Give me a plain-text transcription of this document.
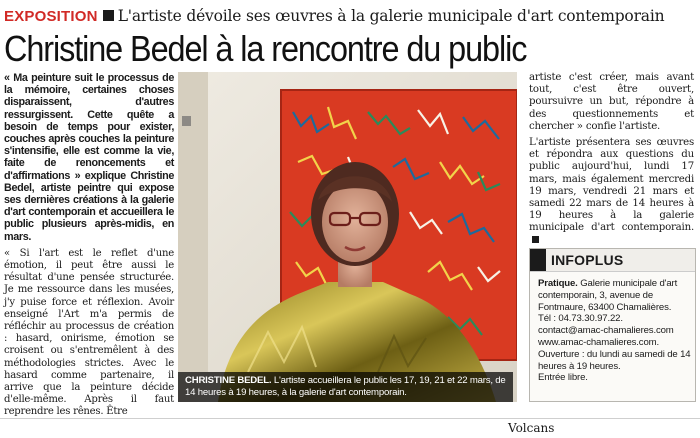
EXPOSITION L'artiste dévoile ses œuvres à la galerie municipale d'art contemporain
Christine Bedel à la rencontre du public

« Ma peinture suit le processus de la mémoire, certaines choses disparaissent, d'autres ressurgissent. Cette quête a besoin de temps pour exister, couches après couches la peinture s'intensifie, elle est comme la vie, faite de renoncements et d'affirmations » explique Christine Bedel, artiste peintre qui expose ses dernières créations à la galerie d'art contemporain et accueillera le public plusieurs après-midis, en mars.

« Si l'art est le reflet d'une émotion, il peut être aussi le résultat d'une pensée structurée. Je me ressource dans les musées, j'y puise force et réflexion. Avoir enseigné l'Art m'a permis de réfléchir au processus de création : hasard, onirisme, émotion se croisent ou s'entremêlent à des méthodologies strictes. Avec le hasard comme partenaire, il arrive que la peinture décide d'elle-même. Après il faut reprendre les rênes. Être

CHRISTINE BEDEL. L'artiste accueillera le public les 17, 19, 21 et 22 mars, de 14 heures à 19 heures, à la galerie d'art contemporain.

artiste c'est créer, mais avant tout, c'est être ouvert, poursuivre un but, répondre à des questionnements et chercher » confie l'artiste.

L'artiste présentera ses œuvres et répondra aux questions du public aujourd'hui, lundi 17 mars, mais également mercredi 19 mars, vendredi 21 mars et samedi 22 mars de 14 heures à 19 heures à la galerie municipale d'art contemporain.

INFOPLUS
Pratique. Galerie municipale d'art contemporain, 3, avenue de Fontmaure, 63400 Chamalières.
Tél : 04.73.30.97.22.
contact@amac-chamalieres.com
www.amac-chamalieres.com.
Ouverture : du lundi au samedi de 14 heures à 19 heures.
Entrée libre.
Volcans
